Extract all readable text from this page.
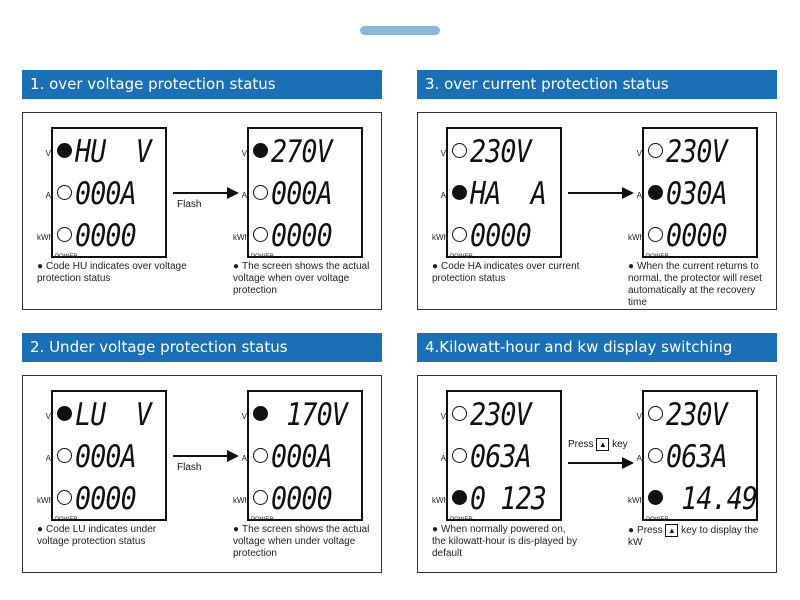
1. over voltage protection status
V HU  V
A 000A
kWh 0000
POWER
V 270V
A 000A
kWh 0000
POWER
Flash
● Code HU indicates over voltage protection status
● The screen shows the actual voltage when over voltage protection
3. over current protection status
V 230V
A HA  A
kWh 0000
POWER
V 230V
A 030A
kWh 0000
POWER
● Code HA indicates over current protection status
● When the current returns to normal, the protector will reset automatically at the recovery time
2. Under voltage protection status
V LU  V
A 000A
kWh 0000
POWER
V 170V
A 000A
kWh 0000
POWER
Flash
● Code LU indicates under voltage protection status
● The screen shows the actual voltage when under voltage protection
4.Kilowatt-hour and kw display switching
V 230V
A 063A
kWh 0 123
POWER
V 230V
A 063A
kWh 14.49
POWER
Press ▲ key
● When normally powered on, the kilowatt-hour is dis-played by default
● Press ▲ key to display the kW
